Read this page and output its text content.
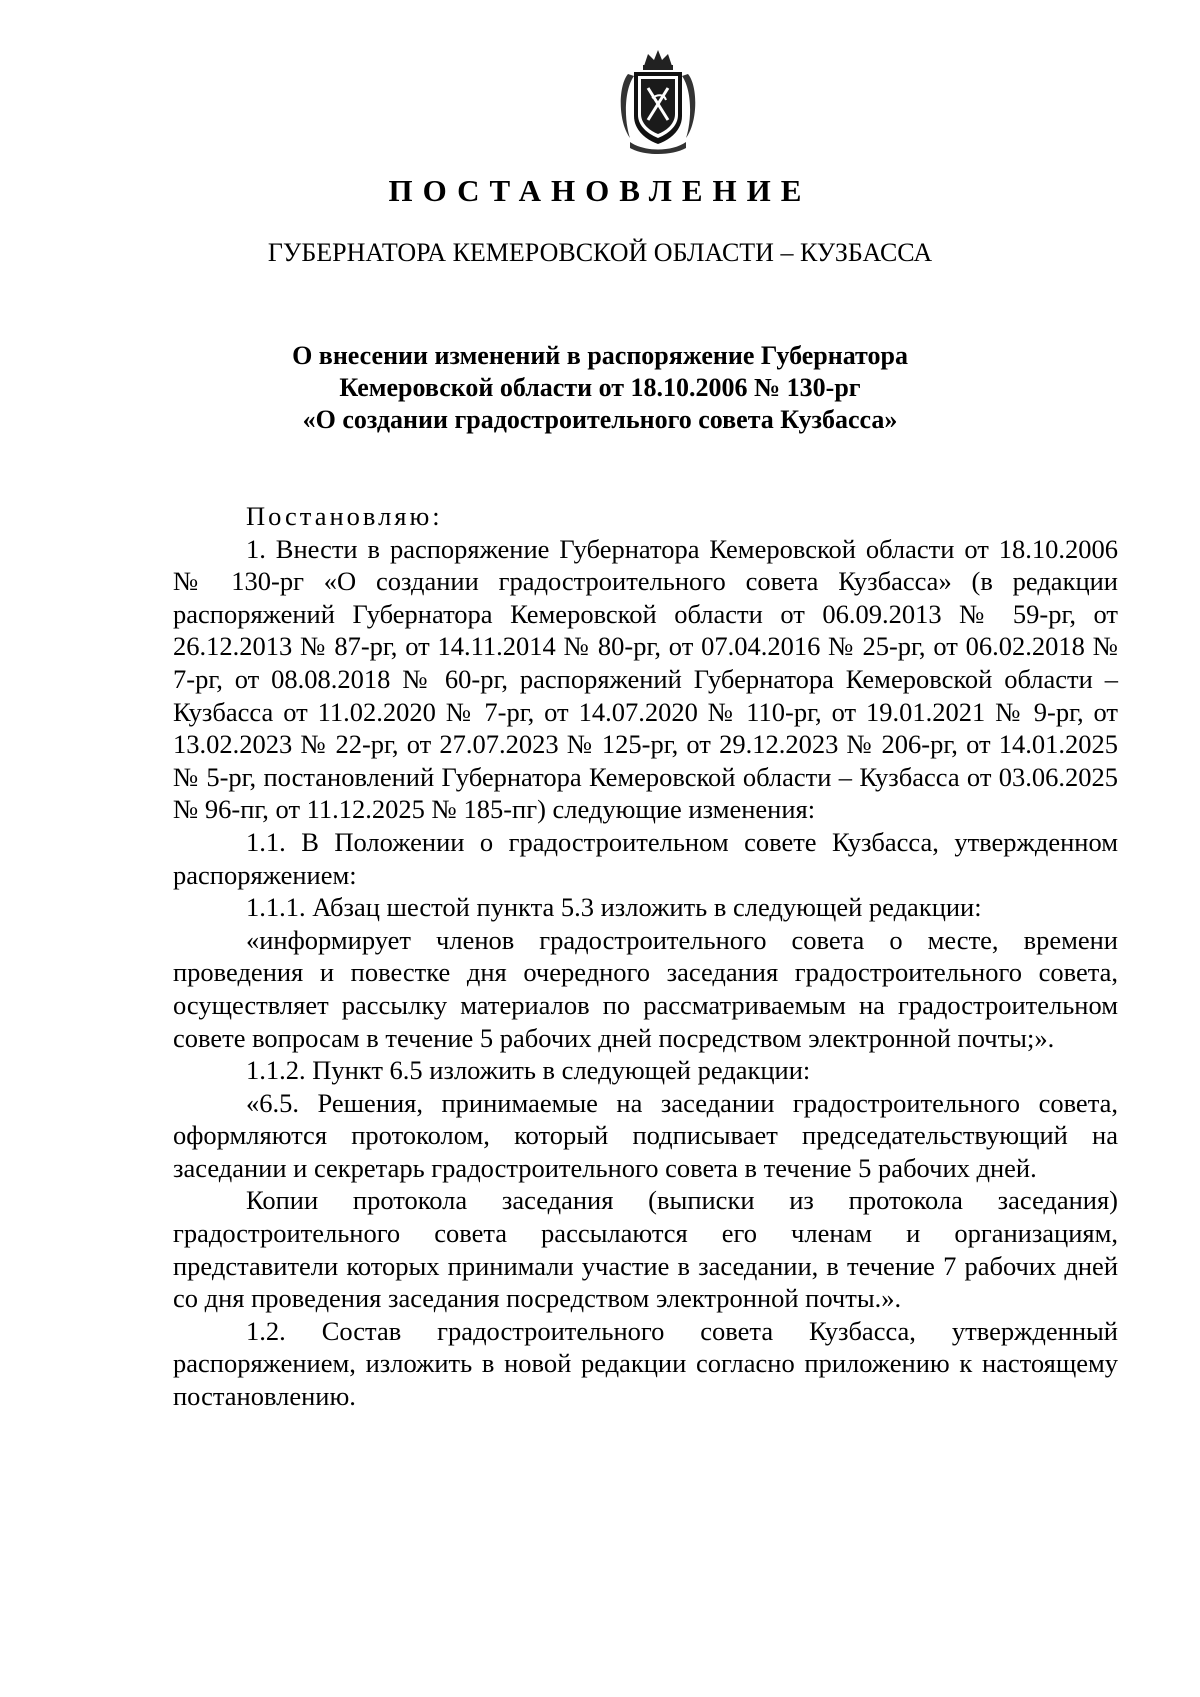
ПОСТАНОВЛЕНИЕ
ГУБЕРНАТОРА КЕМЕРОВСКОЙ ОБЛАСТИ – КУЗБАССА
О внесении изменений в распоряжение Губернатора
Кемеровской области от 18.10.2006 № 130-рг
«О создании градостроительного совета Кузбасса»

Постановляю:

1. Внести в распоряжение Губернатора Кемеровской области от 18.10.2006 № 130-рг «О создании градостроительного совета Кузбасса» (в редакции распоряжений Губернатора Кемеровской области от 06.09.2013 № 59-рг, от 26.12.2013 № 87-рг, от 14.11.2014 № 80-рг, от 07.04.2016 № 25-рг, от 06.02.2018 № 7-рг, от 08.08.2018 № 60-рг, распоряжений Губернатора Кемеровской области – Кузбасса от 11.02.2020 № 7-рг, от 14.07.2020 № 110-рг, от 19.01.2021 № 9-рг, от 13.02.2023 № 22-рг, от 27.07.2023 № 125-рг, от 29.12.2023 № 206-рг, от 14.01.2025 № 5-рг, постановлений Губернатора Кемеровской области – Кузбасса от 03.06.2025 № 96-пг, от 11.12.2025 № 185-пг) следующие изменения:

1.1. В Положении о градостроительном совете Кузбасса, утвержденном распоряжением:

1.1.1. Абзац шестой пункта 5.3 изложить в следующей редакции:

«информирует членов градостроительного совета о месте, времени проведения и повестке дня очередного заседания градостроительного совета, осуществляет рассылку материалов по рассматриваемым на градостроительном совете вопросам в течение 5 рабочих дней посредством электронной почты;».

1.1.2. Пункт 6.5 изложить в следующей редакции:

«6.5. Решения, принимаемые на заседании градостроительного совета, оформляются протоколом, который подписывает председательствующий на заседании и секретарь градостроительного совета в течение 5 рабочих дней.

Копии протокола заседания (выписки из протокола заседания) градостроительного совета рассылаются его членам и организациям, представители которых принимали участие в заседании, в течение 7 рабочих дней со дня проведения заседания посредством электронной почты.».

1.2. Состав градостроительного совета Кузбасса, утвержденный распоряжением, изложить в новой редакции согласно приложению к настоящему постановлению.
